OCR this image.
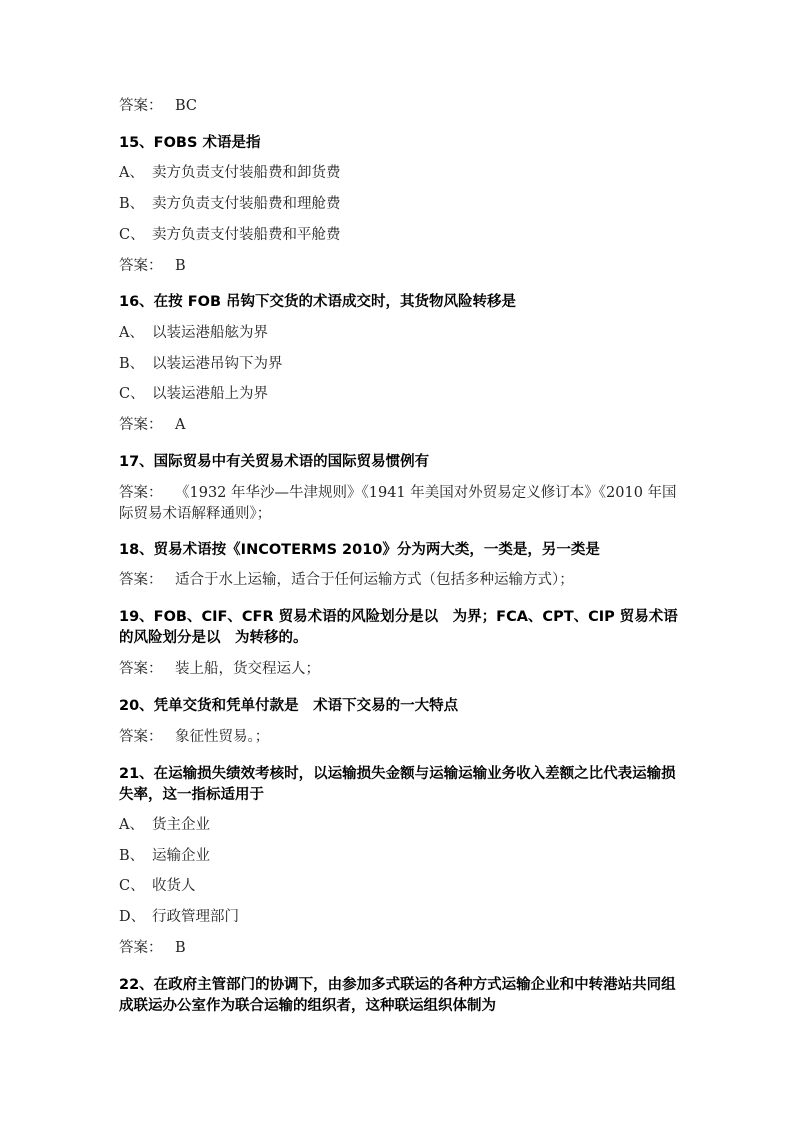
答案： BC
15、FOBS 术语是指
A、 卖方负责支付装船费和卸货费
B、 卖方负责支付装船费和理舱费
C、 卖方负责支付装船费和平舱费
答案： B
16、在按 FOB 吊钩下交货的术语成交时，其货物风险转移是
A、 以装运港船舷为界
B、 以装运港吊钩下为界
C、 以装运港船上为界
答案： A
17、国际贸易中有关贸易术语的国际贸易惯例有
答案： 《1932 年华沙—牛津规则》《1941 年美国对外贸易定义修订本》《2010 年国际贸易术语解释通则》；
18、贸易术语按《INCOTERMS 2010》分为两大类，一类是，另一类是
答案： 适合于水上运输，适合于任何运输方式（包括多种运输方式）；
19、FOB、CIF、CFR 贸易术语的风险划分是以　为界；FCA、CPT、CIP 贸易术语的风险划分是以　为转移的。
答案： 装上船，货交程运人；
20、凭单交货和凭单付款是　术语下交易的一大特点
答案： 象征性贸易。；
21、在运输损失绩效考核时，以运输损失金额与运输运输业务收入差额之比代表运输损失率，这一指标适用于
A、 货主企业
B、 运输企业
C、 收货人
D、 行政管理部门
答案： B
22、在政府主管部门的协调下，由参加多式联运的各种方式运输企业和中转港站共同组成联运办公室作为联合运输的组织者，这种联运组织体制为
